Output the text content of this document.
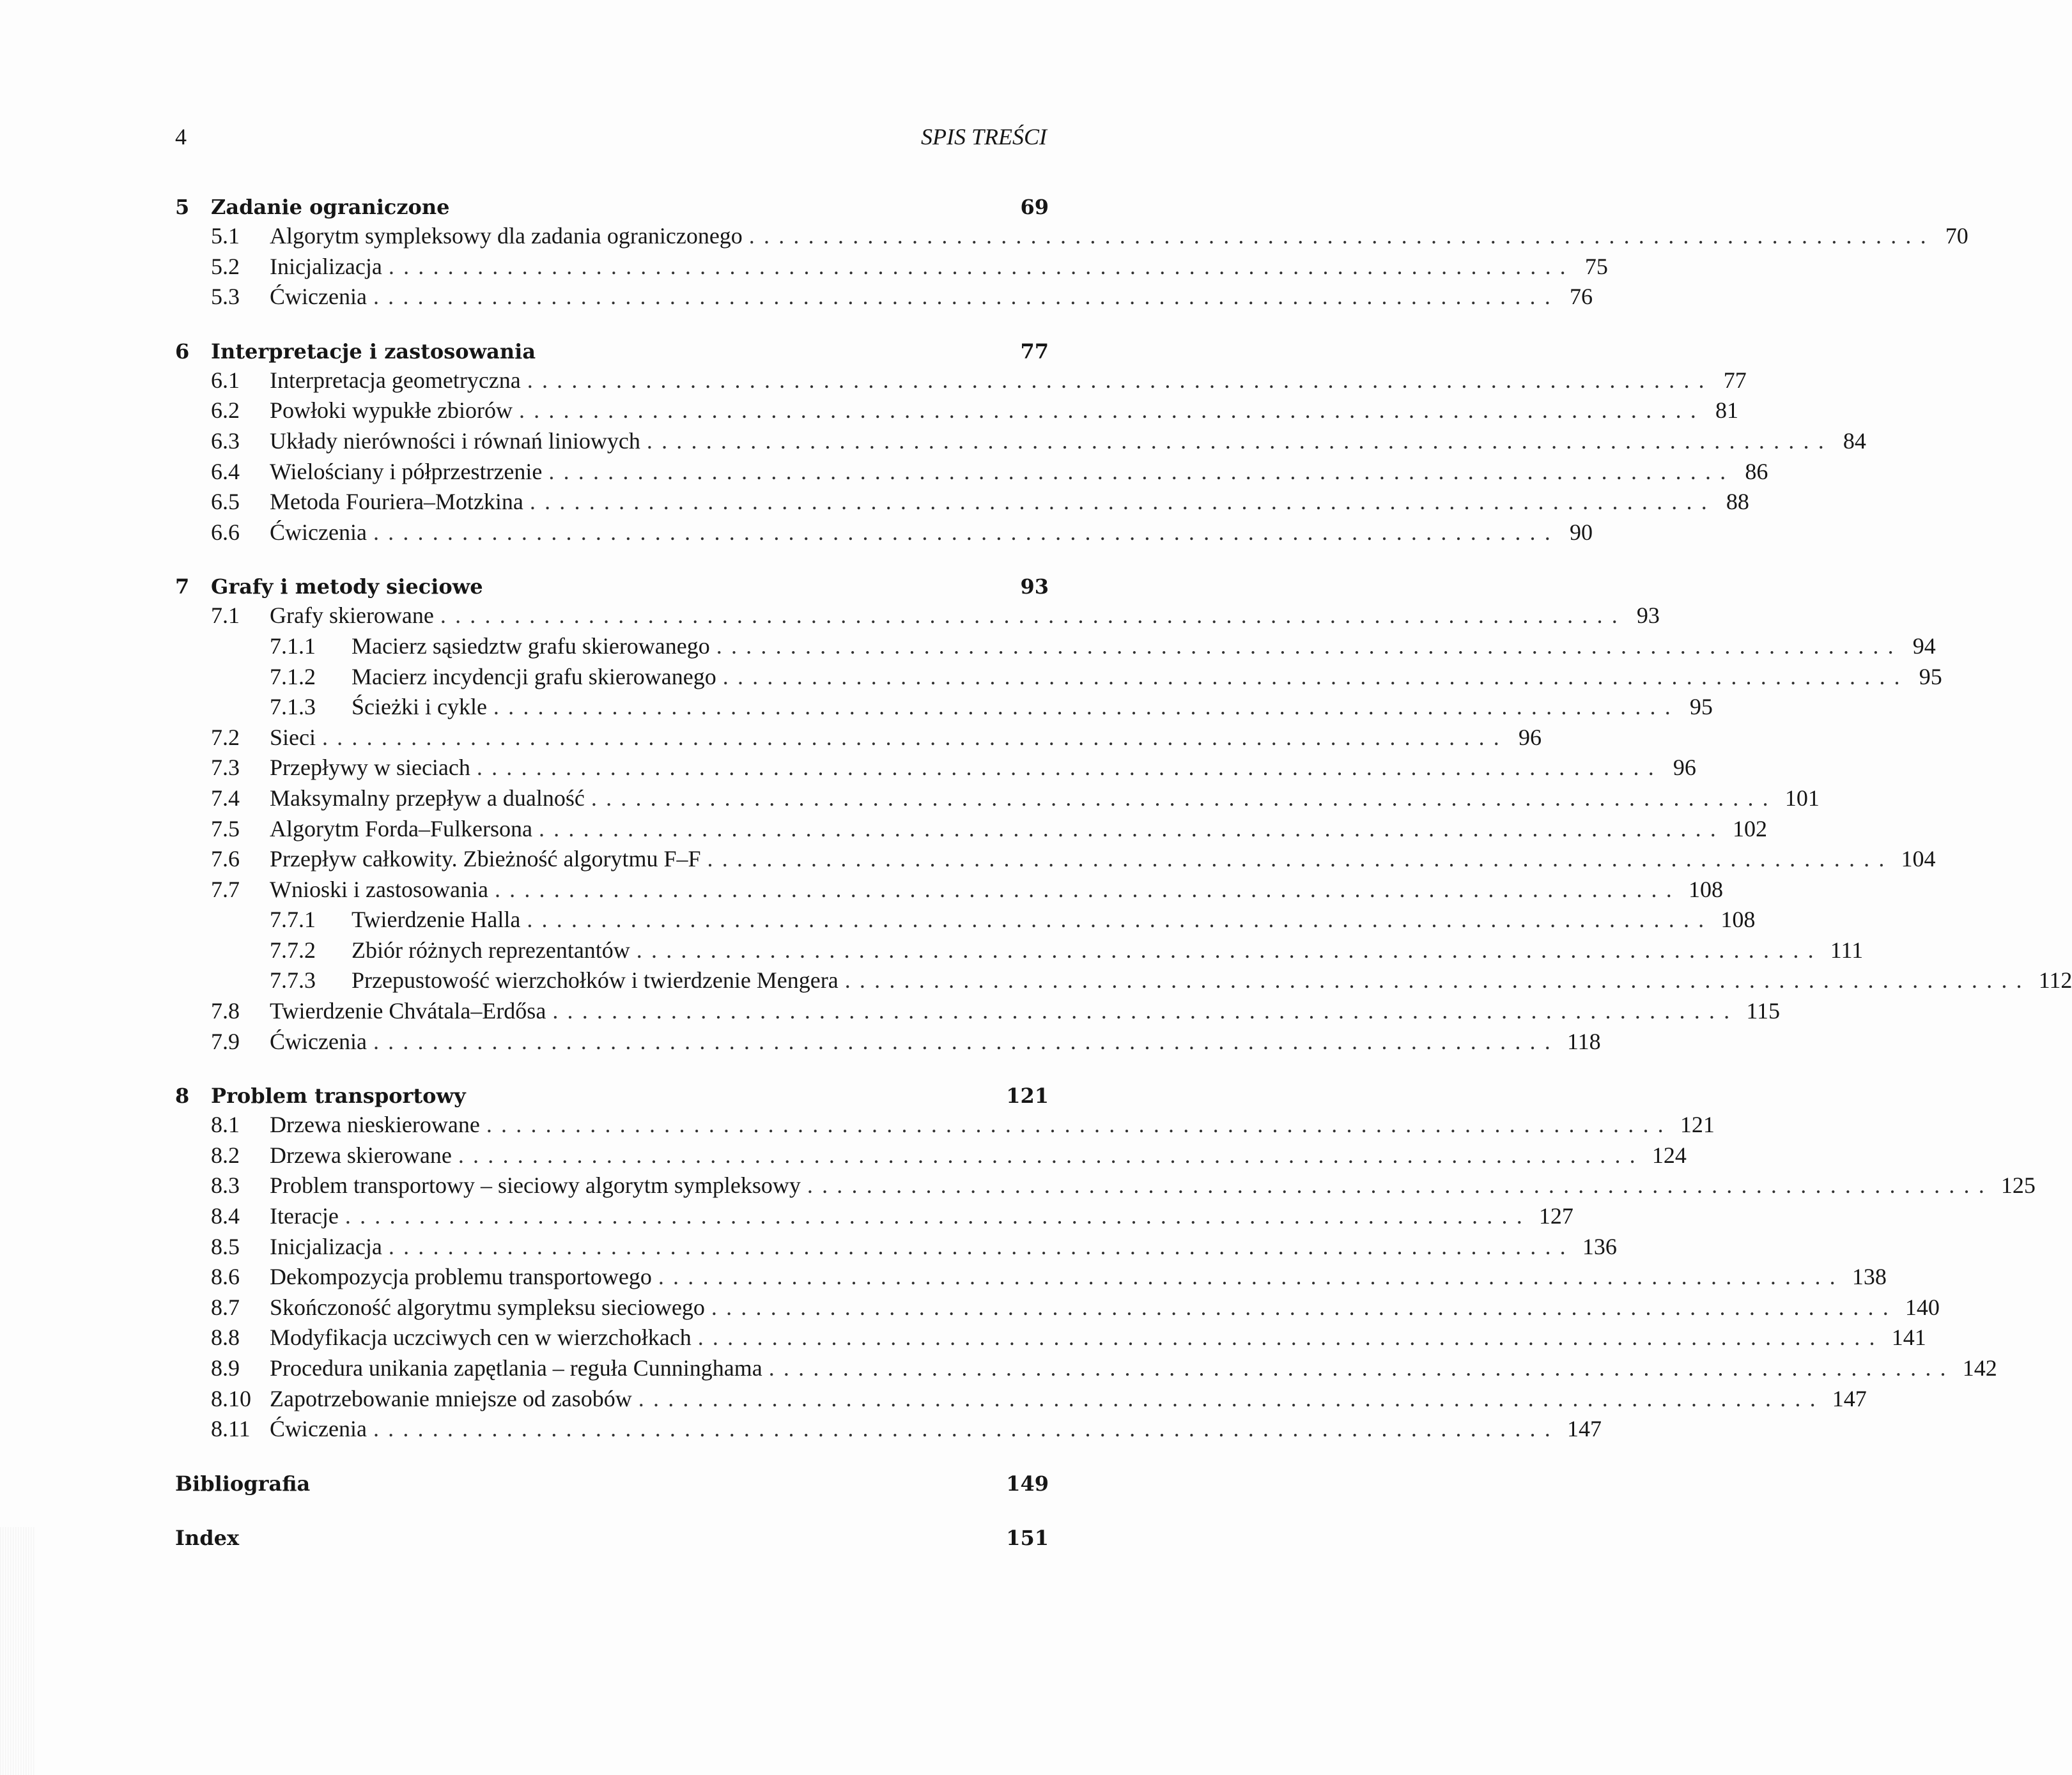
4	SPIS TREŚCI
5	Zadanie ograniczone	69
5.1	Algorytm sympleksowy dla zadania ograniczonego ................................................................................ 70
5.2	Inicjalizacja ................................................................................ 75
5.3	Ćwiczenia ................................................................................ 76
6	Interpretacje i zastosowania	77
6.1	Interpretacja geometryczna ................................................................................ 77
6.2	Powłoki wypukłe zbiorów ................................................................................ 81
6.3	Układy nierówności i równań liniowych ................................................................................ 84
6.4	Wielościany i półprzestrzenie ................................................................................ 86
6.5	Metoda Fouriera–Motzkina ................................................................................ 88
6.6	Ćwiczenia ................................................................................ 90
7	Grafy i metody sieciowe	93
7.1	Grafy skierowane ................................................................................ 93
7.1.1	Macierz sąsiedztw grafu skierowanego ................................................................................ 94
7.1.2	Macierz incydencji grafu skierowanego ................................................................................ 95
7.1.3	Ścieżki i cykle ................................................................................ 95
7.2	Sieci ................................................................................ 96
7.3	Przepływy w sieciach ................................................................................ 96
7.4	Maksymalny przepływ a dualność ................................................................................ 101
7.5	Algorytm Forda–Fulkersona ................................................................................ 102
7.6	Przepływ całkowity. Zbieżność algorytmu F–F ................................................................................ 104
7.7	Wnioski i zastosowania ................................................................................ 108
7.7.1	Twierdzenie Halla ................................................................................ 108
7.7.2	Zbiór różnych reprezentantów ................................................................................ 111
7.7.3	Przepustowość wierzchołków i twierdzenie Mengera ................................................................................ 112
7.8	Twierdzenie Chvátala–Erdősa ................................................................................ 115
7.9	Ćwiczenia ................................................................................ 118
8	Problem transportowy	121
8.1	Drzewa nieskierowane ................................................................................ 121
8.2	Drzewa skierowane ................................................................................ 124
8.3	Problem transportowy – sieciowy algorytm sympleksowy ................................................................................ 125
8.4	Iteracje ................................................................................ 127
8.5	Inicjalizacja ................................................................................ 136
8.6	Dekompozycja problemu transportowego ................................................................................ 138
8.7	Skończoność algorytmu sympleksu sieciowego ................................................................................ 140
8.8	Modyfikacja uczciwych cen w wierzchołkach ................................................................................ 141
8.9	Procedura unikania zapętlania – reguła Cunninghama ................................................................................ 142
8.10 Zapotrzebowanie mniejsze od zasobów ................................................................................ 147
8.11 Ćwiczenia ................................................................................ 147
Bibliografia	149
Index	151
